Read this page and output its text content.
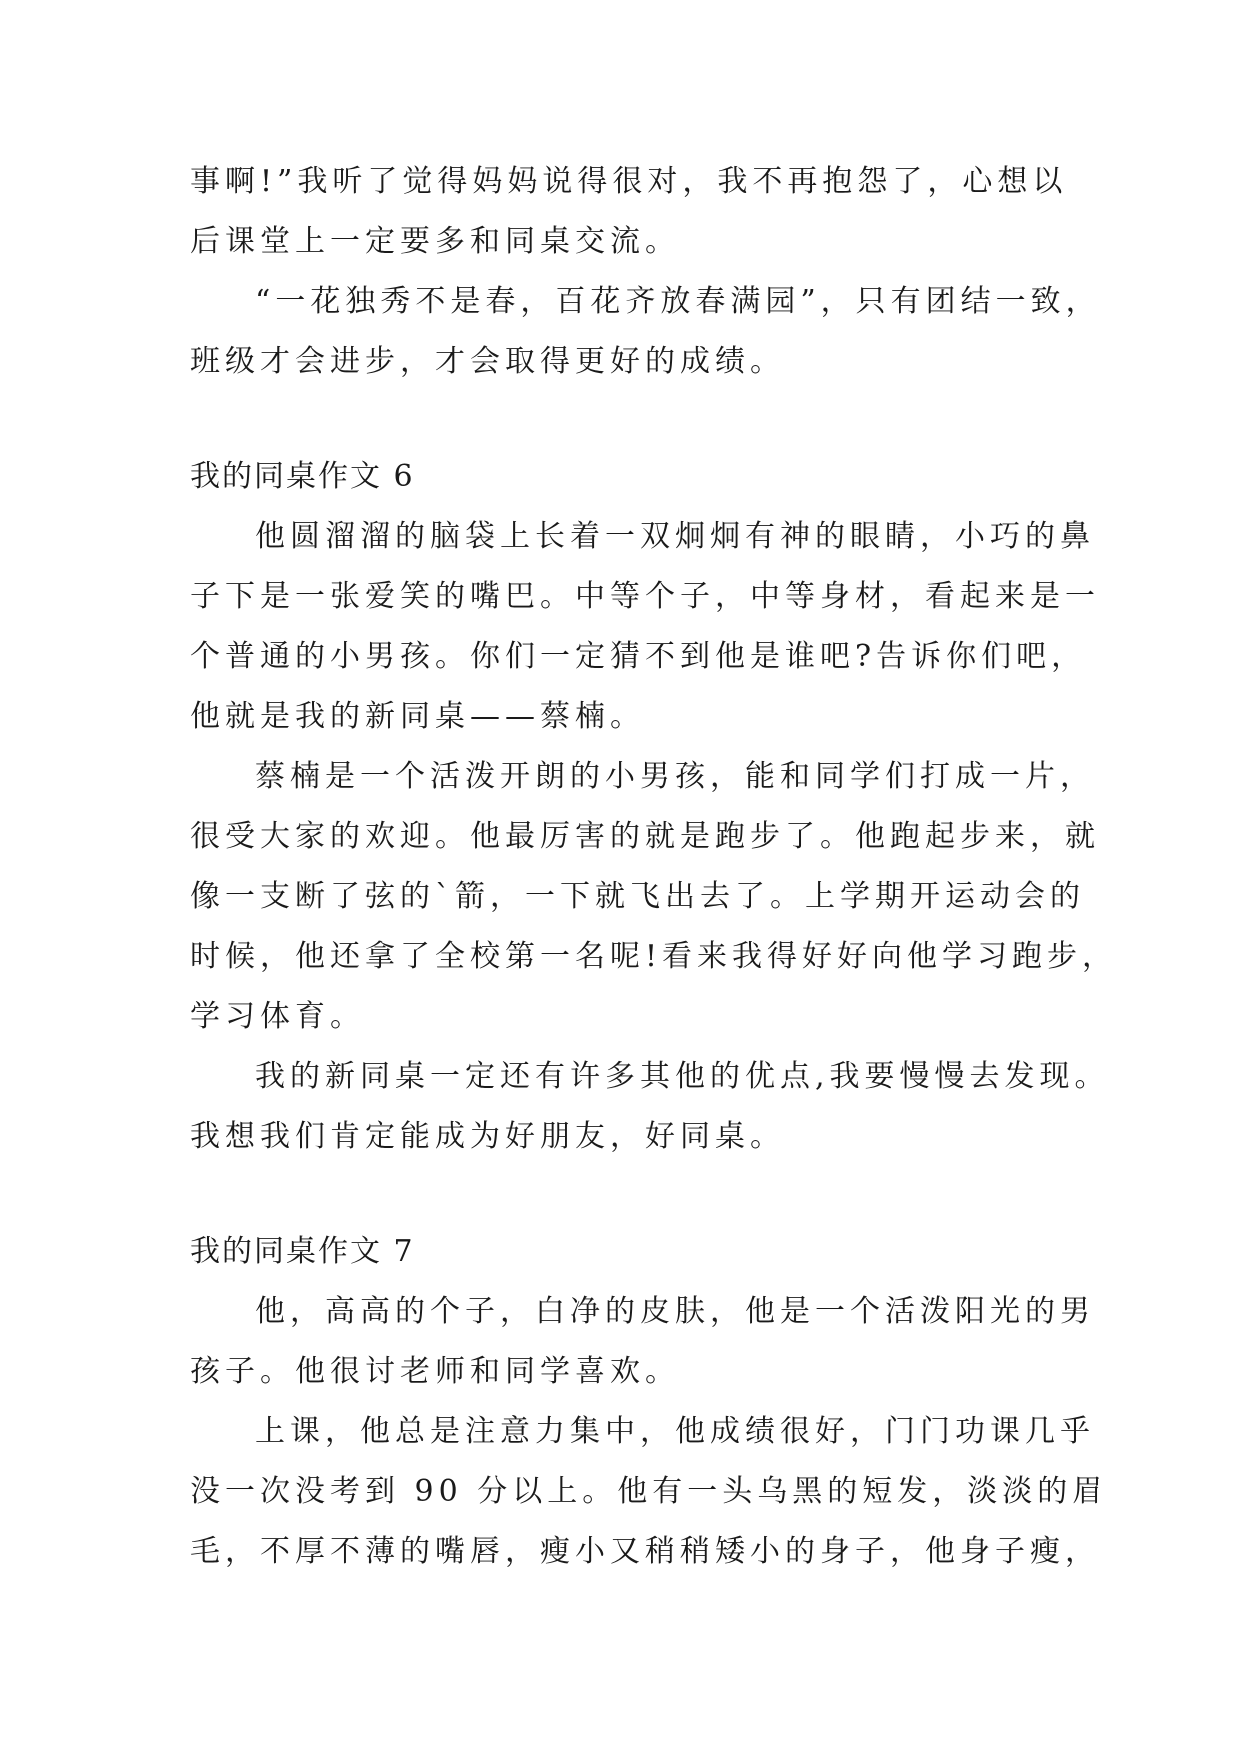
事啊!”我听了觉得妈妈说得很对，我不再抱怨了，心想以
后课堂上一定要多和同桌交流。
“一花独秀不是春，百花齐放春满园”，只有团结一致，
班级才会进步，才会取得更好的成绩。
我的同桌作文 6
他圆溜溜的脑袋上长着一双炯炯有神的眼睛，小巧的鼻
子下是一张爱笑的嘴巴。中等个子，中等身材，看起来是一
个普通的小男孩。你们一定猜不到他是谁吧?告诉你们吧，
他就是我的新同桌——蔡楠。
蔡楠是一个活泼开朗的小男孩，能和同学们打成一片，
很受大家的欢迎。他最厉害的就是跑步了。他跑起步来，就
像一支断了弦的`箭，一下就飞出去了。上学期开运动会的
时候，他还拿了全校第一名呢!看来我得好好向他学习跑步，
学习体育。
我的新同桌一定还有许多其他的优点,我要慢慢去发现。
我想我们肯定能成为好朋友，好同桌。
我的同桌作文 7
他，高高的个子，白净的皮肤，他是一个活泼阳光的男
孩子。他很讨老师和同学喜欢。
上课，他总是注意力集中，他成绩很好，门门功课几乎
没一次没考到 90 分以上。他有一头乌黑的短发，淡淡的眉
毛，不厚不薄的嘴唇，瘦小又稍稍矮小的身子，他身子瘦，
